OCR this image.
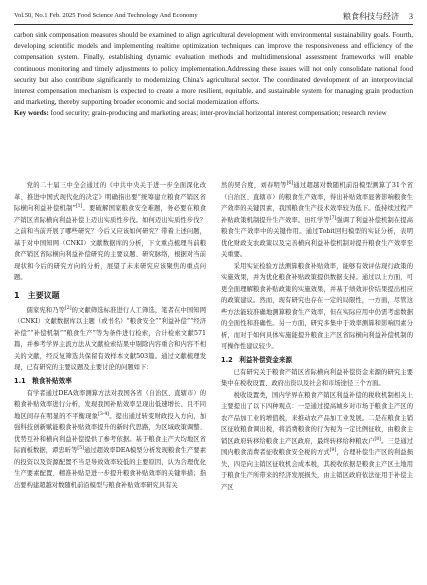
Vol.50, No.1 Feb. 2025 Food Science And Technology And Economy	粮食科技与经济 3
carbon sink compensation measures should be examined to align agricultural development with environmental sustainability goals. Fourth, developing scientific models and implementing realtime optimization techniques can improve the responsiveness and efficiency of the compensation system. Finally, establishing dynamic evaluation methods and multidimensional assessment frameworks will enable continuous monitoring and timely adjustments to policy implementation.Addressing these issues will not only consolidate national food security but also contribute significantly to modernizing China's agricultural sector. The coordinated development of an interprovincial interest compensation mechanism is expected to create a more resilient, equitable, and sustainable system for managing grain production and marketing, thereby supporting broader economic and social modernization efforts.
Key words: food security; grain-producing and marketing areas; inter-provincial horizontal interest compensation; research review

党的二十届三中全会通过的《中共中央关于进一步全面深化改革、推进中国式现代化的决定》明确指出要“统筹建立粮食产销区省际横向利益补偿机制”[1]。要破解国家粮食安全难题，务必要在粮食产销区省际横向利益补偿上迈出实质性步伐。如何迈出实质性步伐？之前和当前开展了哪些研究？今后又应该如何研究？带着上述问题，基于对中国知网（CNKI）文献数据库的分析，下文重点梳理当前粮食产销区省际横向利益补偿研究的主要议题、研究脉络，根据对当前现状和今后的研究方向的分析，展望了未来研究应该聚焦的重点问题。

1　主要议题

儒家宪和乃等[2]的文献筛选标准进行人工筛选，笔者在中国知网（CNKI）文献数据库以主题（或书名）“粮食安全”“利益补偿”“经济补偿”“补偿机制”“粮食生产”等为条件进行检索，合计检索文献571篇，并参考学界主流方法从文献检索结果中剔除内容重合和内容不相关的文献，经反复筛选共保留有效样本文献503篇。通过文献梳理发现，已有研究的主要议题及主要讨论的问题如下：

1.1　粮食补贴效率

有学者通过DEA效率测算方法对我国各省（自治区、直辖市）的粮食补贴效率进行分析，发现我国补贴效率呈现出低速增长、且不同地区间存在明显的不平衡现象[3-4]。提出通过转变财政投入方向，加强科技创新赋能粮食补贴效率提升的新时代思路，为区域政策调整、优势互补和横向利益补偿提供了参考依据。基于粮食主产大均地区省际面板数据，谭忠昕等[5]通过超效率DEA模型分析发现粮食生产要素的投资以及资源配置不当是导致效率较低的主要原因，认为合理优化生产要素配置、精准补贴是进一步提升粮食补贴效率的关键举措；指出要构建超越对数随机前沿模型与粮食补贴效率研究具有关

然的契合度，刘春明等[6]通过超越对数随机前沿模型测算了31个省（自治区、直辖市）的粮食生产效率，得出补贴效率显著影响粮食生产效率的关键因素，我国粮食生产技术效率较为低下。低持续过程产补贴政策机制提升生产效率。田红学等[7]强调了利益补偿机制在提高粮食生产效率中的关键作用。通过Tobit回归模型的实证分析，表明优化财政支农政策以及完善横向利益补偿机制对提升粮食生产效率至关重要。

采用实证检验方法测算粮食补贴效率，能够有效评估现行政策的实施效果，并为优化粮食补贴政策提供数据支持。通过以上方面，可更全面理解粮食补贴政策的实施效果，并基于绩效评价结果提出相应的政策建议。然而，现有研究也存在一定的局限性，一方面，尽管这些方法能较准确地测算粮食生产效率，但在实际应用中仍需考虑数据的全面性和准确性。另一方面，研究多集中于效率测算和影响因素分析，而对于如何具体实施能提升粮食主产区省际横向利益补偿机制的可操作性建议较少。

1.2　利益补偿资金来源

已有研究关于粮食产销区省际横向利益补偿资金来源的研究主要集中在税收设置、政府出资以及社会和市场途径三个方面。

税收设置类，国内学界在粮食产销区利益补偿的税收机制相关上主要提出了以下四种观点：一是通过提高城乡对市场于粮食主产区的农产品加工业的增值税，来推动农产品加工业发展。二是在粮食主销区征收粮食调出税，将消费粮食的行为视为一定比例征收，由粮食主销区政府转移给粮食主产区政府，最终转移给种粮农户[8]。三是通过国内粮食消费者征收粮食安全税的方式[9]，合理补偿生产区的利益损失，四是向主销区征收机会成本税，其税收依据是粮食主产区土地用于粮食生产所带来的经济发展损失，由主销区政府依法征用于补偿主产区
